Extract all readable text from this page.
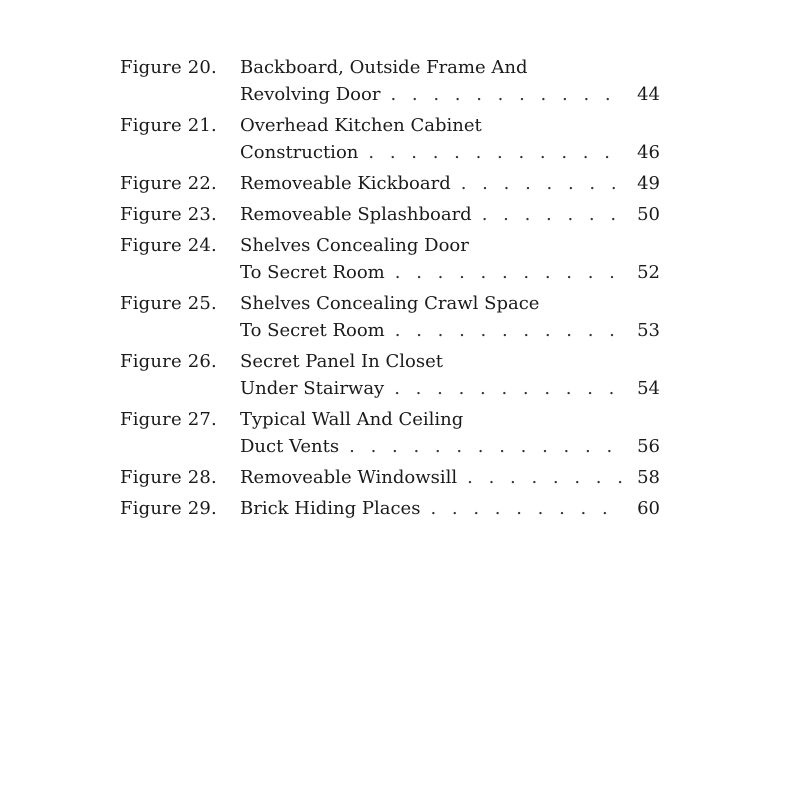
Figure 20.	Backboard, Outside Frame And
Revolving Door . . .	44
Figure 21.	Overhead Kitchen Cabinet
Construction . . .	46
Figure 22.	Removeable Kickboard . . .	49
Figure 23.	Removeable Splashboard . . .	50
Figure 24.	Shelves Concealing Door
To Secret Room . . .	52
Figure 25.	Shelves Concealing Crawl Space
To Secret Room . . .	53
Figure 26.	Secret Panel In Closet
Under Stairway . . .	54
Figure 27.	Typical Wall And Ceiling
Duct Vents . . .	56
Figure 28.	Removeable Windowsill . . .	58
Figure 29.	Brick Hiding Places . . .	60
